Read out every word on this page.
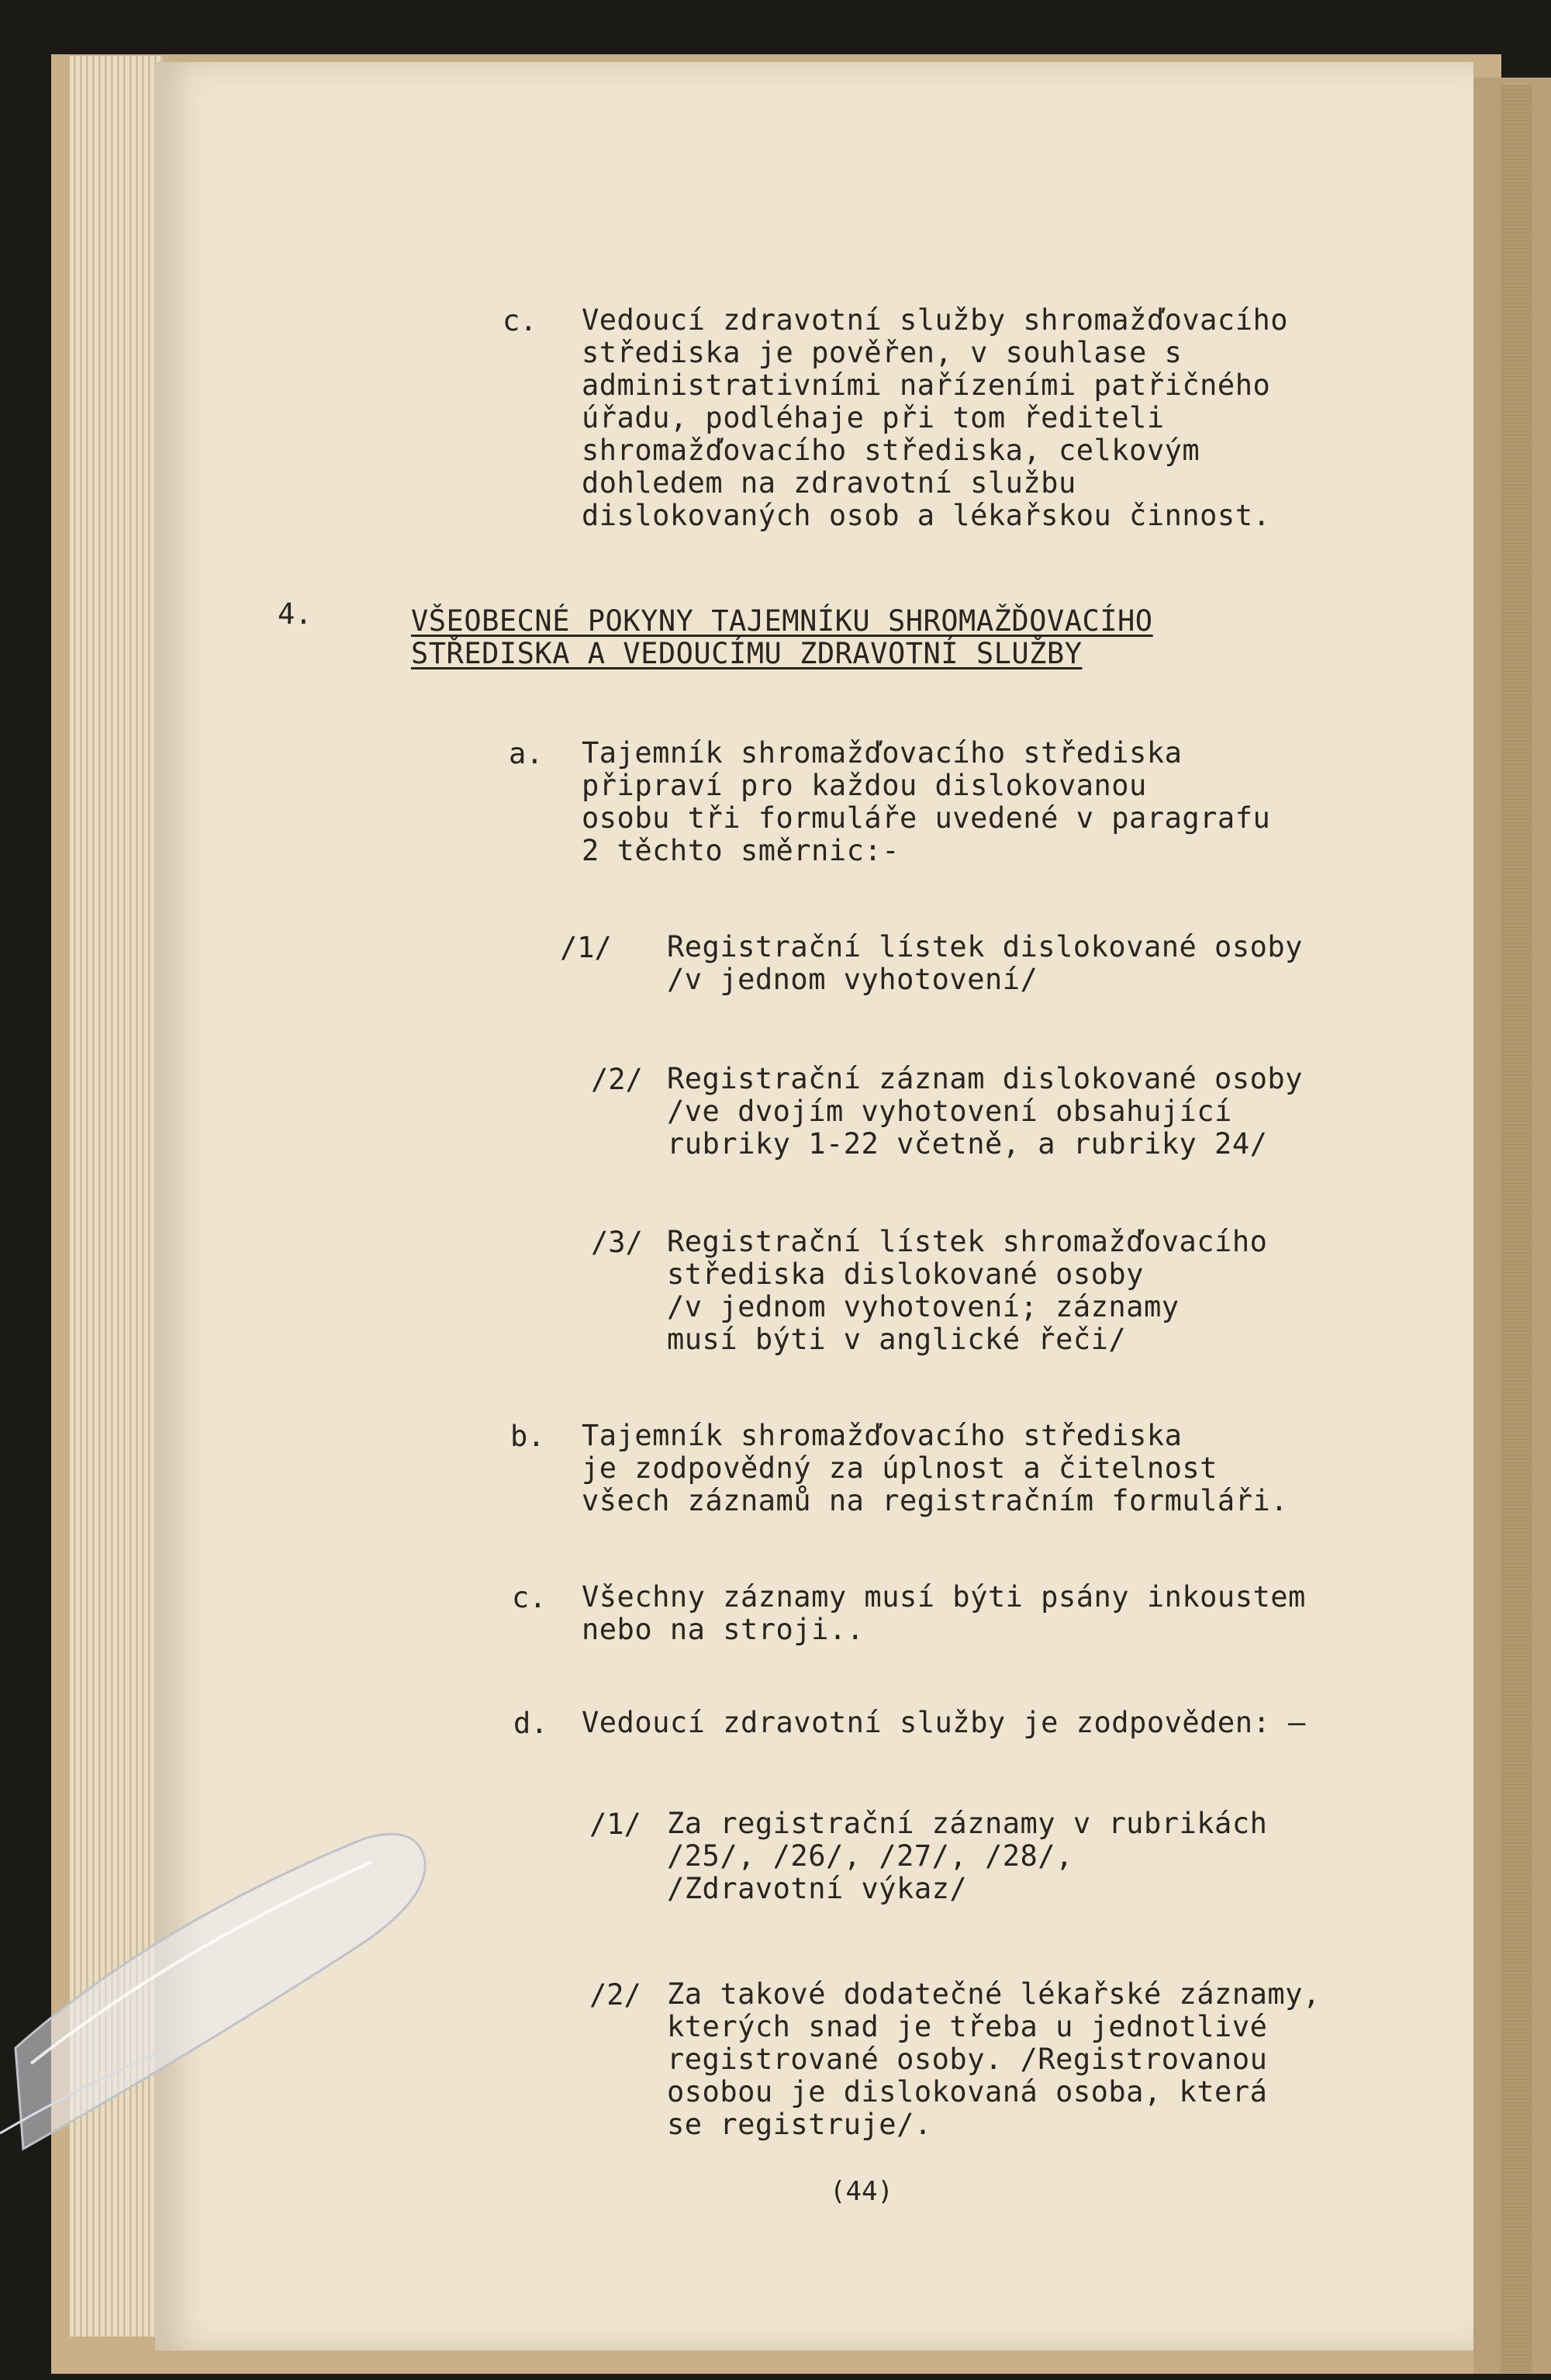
c. Vedoucí zdravotní služby shromažďovacího
střediska je pověřen, v souhlase s
administrativními nařízeními patřičného
úřadu, podléhaje při tom řediteli
shromažďovacího střediska, celkovým
dohledem na zdravotní službu
dislokovaných osob a lékařskou činnost.
4.	VŠEOBECNÉ POKYNY TAJEMNÍKU SHROMAŽĎOVACÍHO
STŘEDISKA A VEDOUCÍMU ZDRAVOTNÍ SLUŽBY
a. Tajemník shromažďovacího střediska
připraví pro každou dislokovanou
osobu tři formuláře uvedené v paragrafu
2 těchto směrnic:-
/1/ Registrační lístek dislokované osoby
/v jednom vyhotovení/
/2/ Registrační záznam dislokované osoby
/ve dvojím vyhotovení obsahující
rubriky 1-22 včetně, a rubriky 24/
/3/ Registrační lístek shromažďovacího
střediska dislokované osoby
/v jednom vyhotovení; záznamy
musí býti v anglické řeči/
b. Tajemník shromažďovacího střediska
je zodpovědný za úplnost a čitelnost
všech záznamů na registračním formuláři.
c. Všechny záznamy musí býti psány inkoustem
nebo na stroji..
d. Vedoucí zdravotní služby je zodpověden: —
/1/ Za registrační záznamy v rubrikách
/25/, /26/, /27/, /28/,
/Zdravotní výkaz/
/2/ Za takové dodatečné lékařské záznamy,
kterých snad je třeba u jednotlivé
registrované osoby. /Registrovanou
osobou je dislokovaná osoba, která
se registruje/.
(44)
